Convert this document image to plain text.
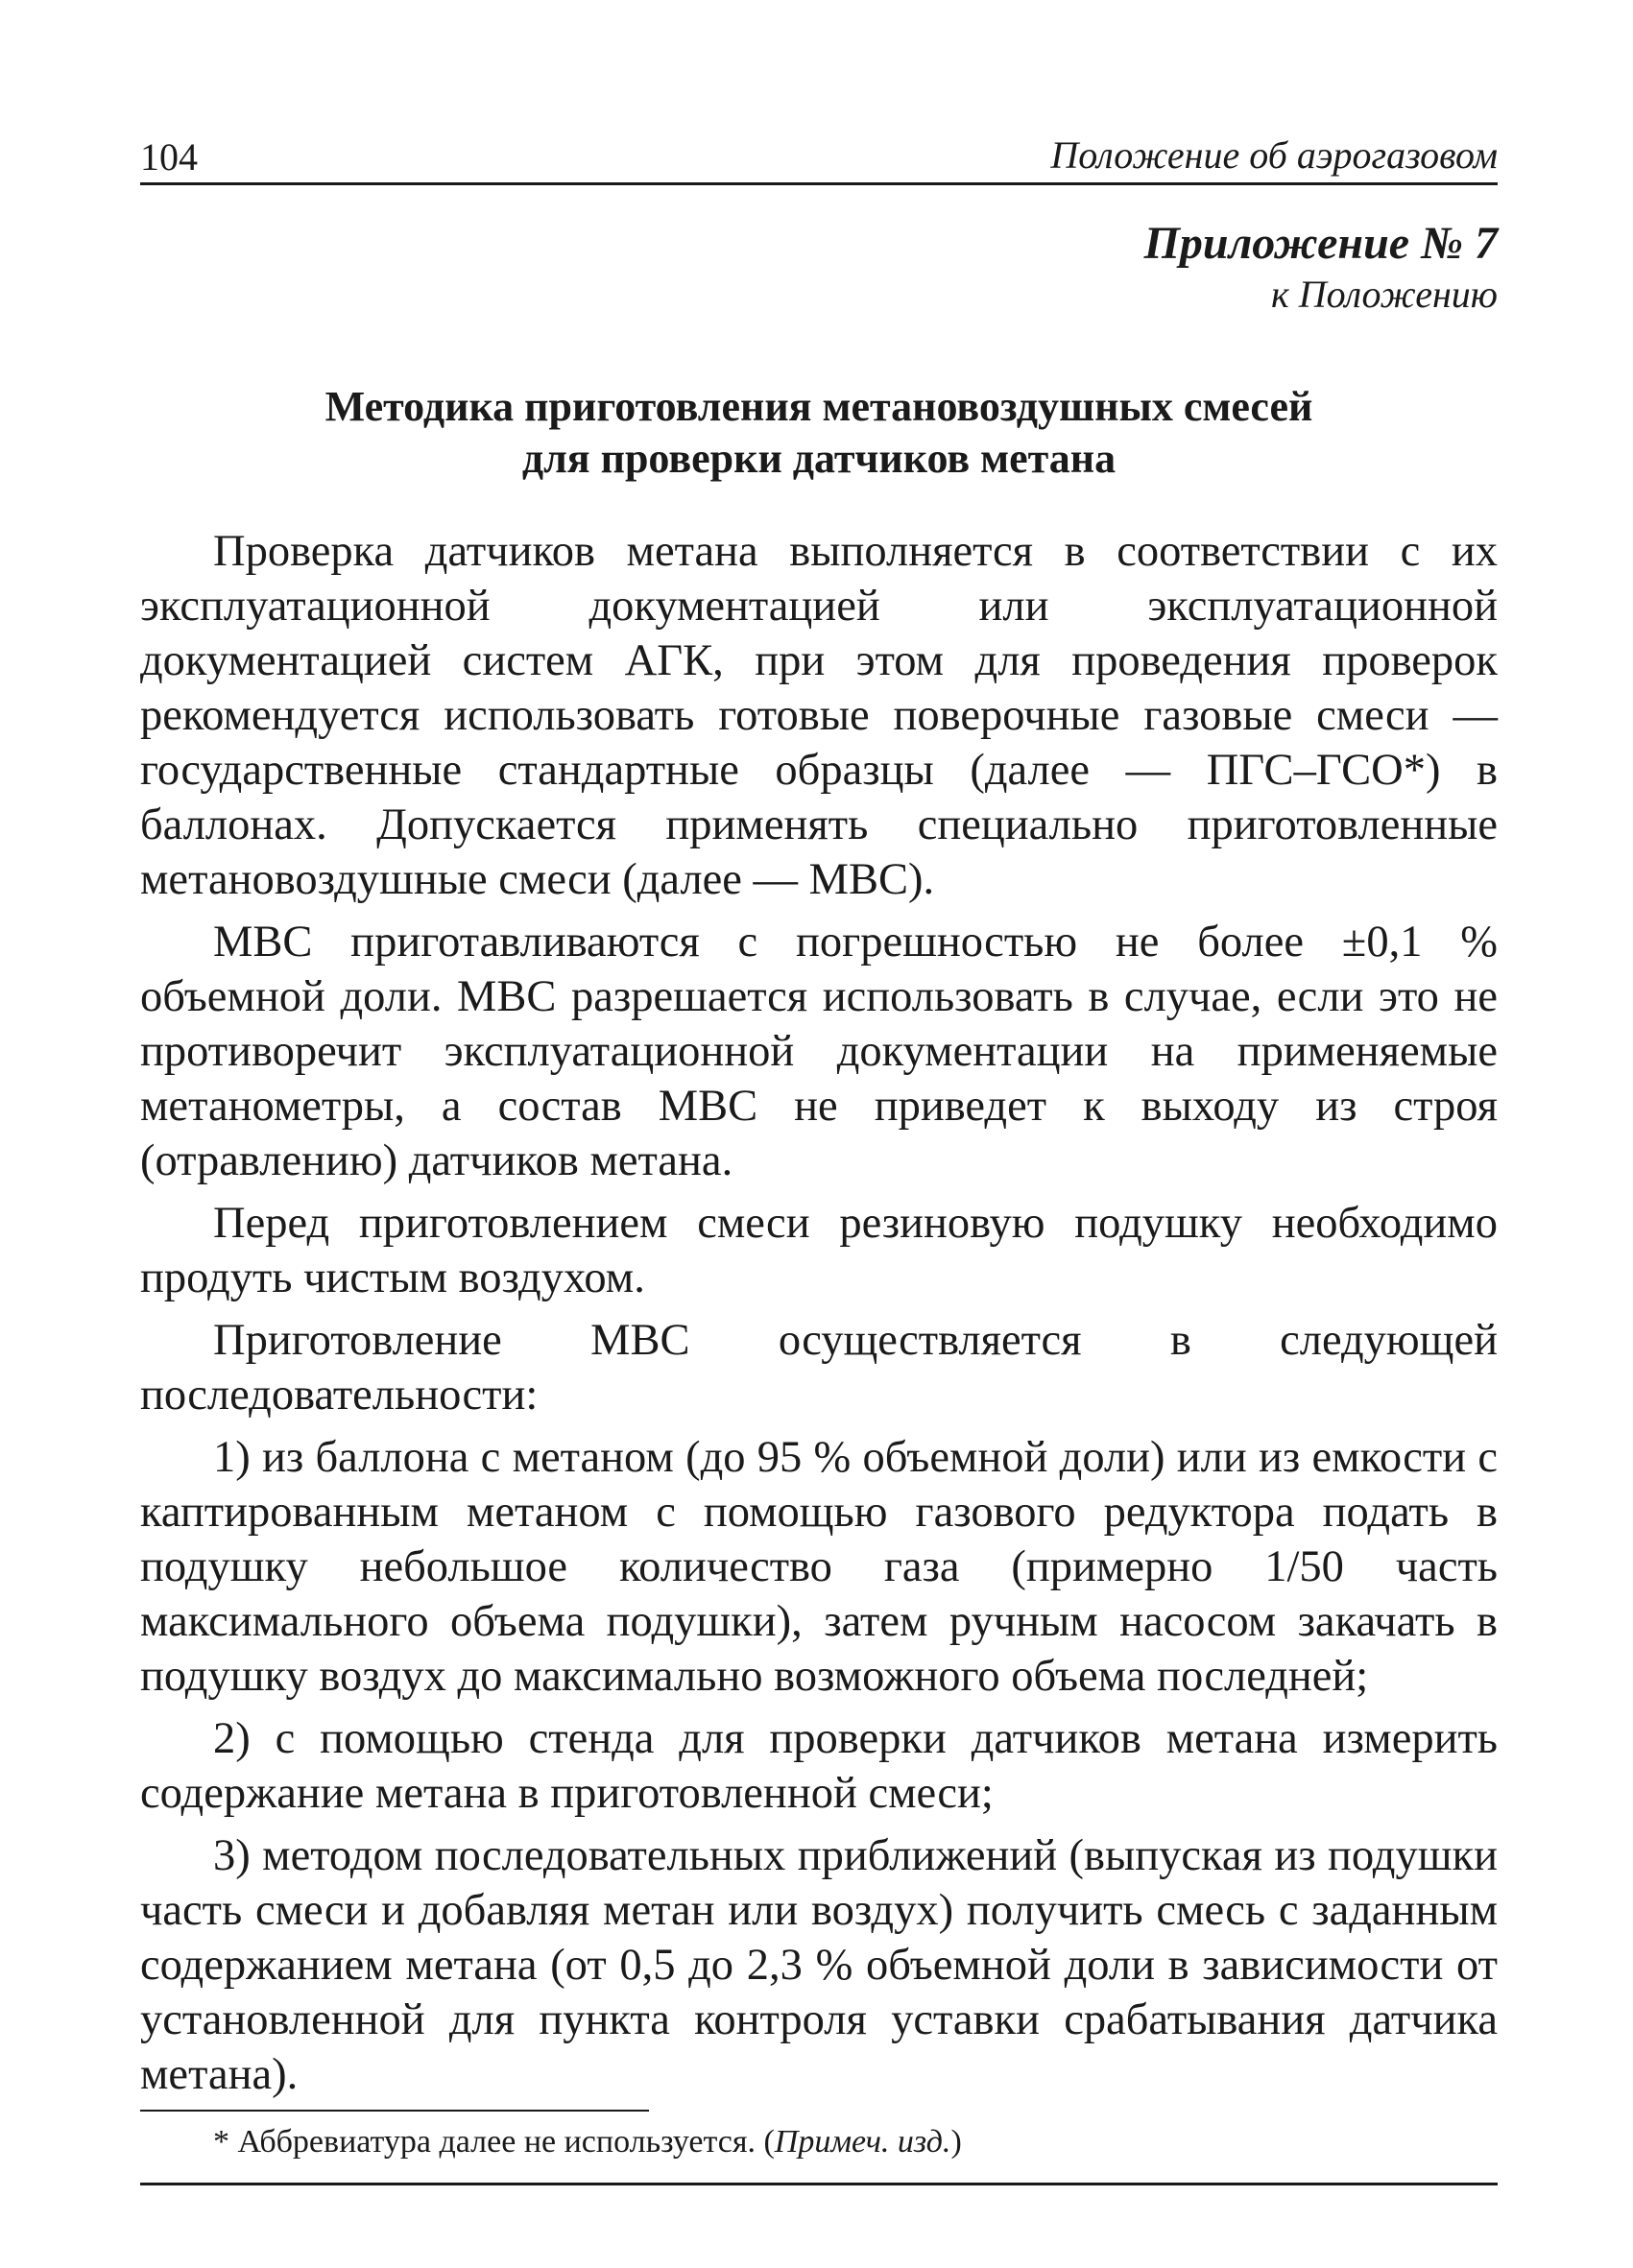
104	Положение об аэрогазовом
Приложение № 7
к Положению
Методика приготовления метановоздушных смесей
для проверки датчиков метана

Проверка датчиков метана выполняется в соответствии с их эксплуатационной документацией или эксплуатационной документацией систем АГК, при этом для проведения проверок рекомендуется использовать готовые поверочные газовые смеси — государственные стандартные образцы (далее — ПГС–ГСО*) в баллонах. Допускается применять специально приготовленные метановоздушные смеси (далее — МВС).

МВС приготавливаются с погрешностью не более ±0,1 % объемной доли. МВС разрешается использовать в случае, если это не противоречит эксплуатационной документации на применяемые метанометры, а состав МВС не приведет к выходу из строя (отравлению) датчиков метана.

Перед приготовлением смеси резиновую подушку необходимо продуть чистым воздухом.

Приготовление МВС осуществляется в следующей последовательности:

1) из баллона с метаном (до 95 % объемной доли) или из емкости с каптированным метаном с помощью газового редуктора подать в подушку небольшое количество газа (примерно 1/50 часть максимального объема подушки), затем ручным насосом закачать в подушку воздух до максимально возможного объема последней;

2) с помощью стенда для проверки датчиков метана измерить содержание метана в приготовленной смеси;

3) методом последовательных приближений (выпуская из подушки часть смеси и добавляя метан или воздух) получить смесь с заданным содержанием метана (от 0,5 до 2,3 % объемной доли в зависимости от установленной для пункта контроля уставки срабатывания датчика метана).

* Аббревиатура далее не используется. (Примеч. изд.)
